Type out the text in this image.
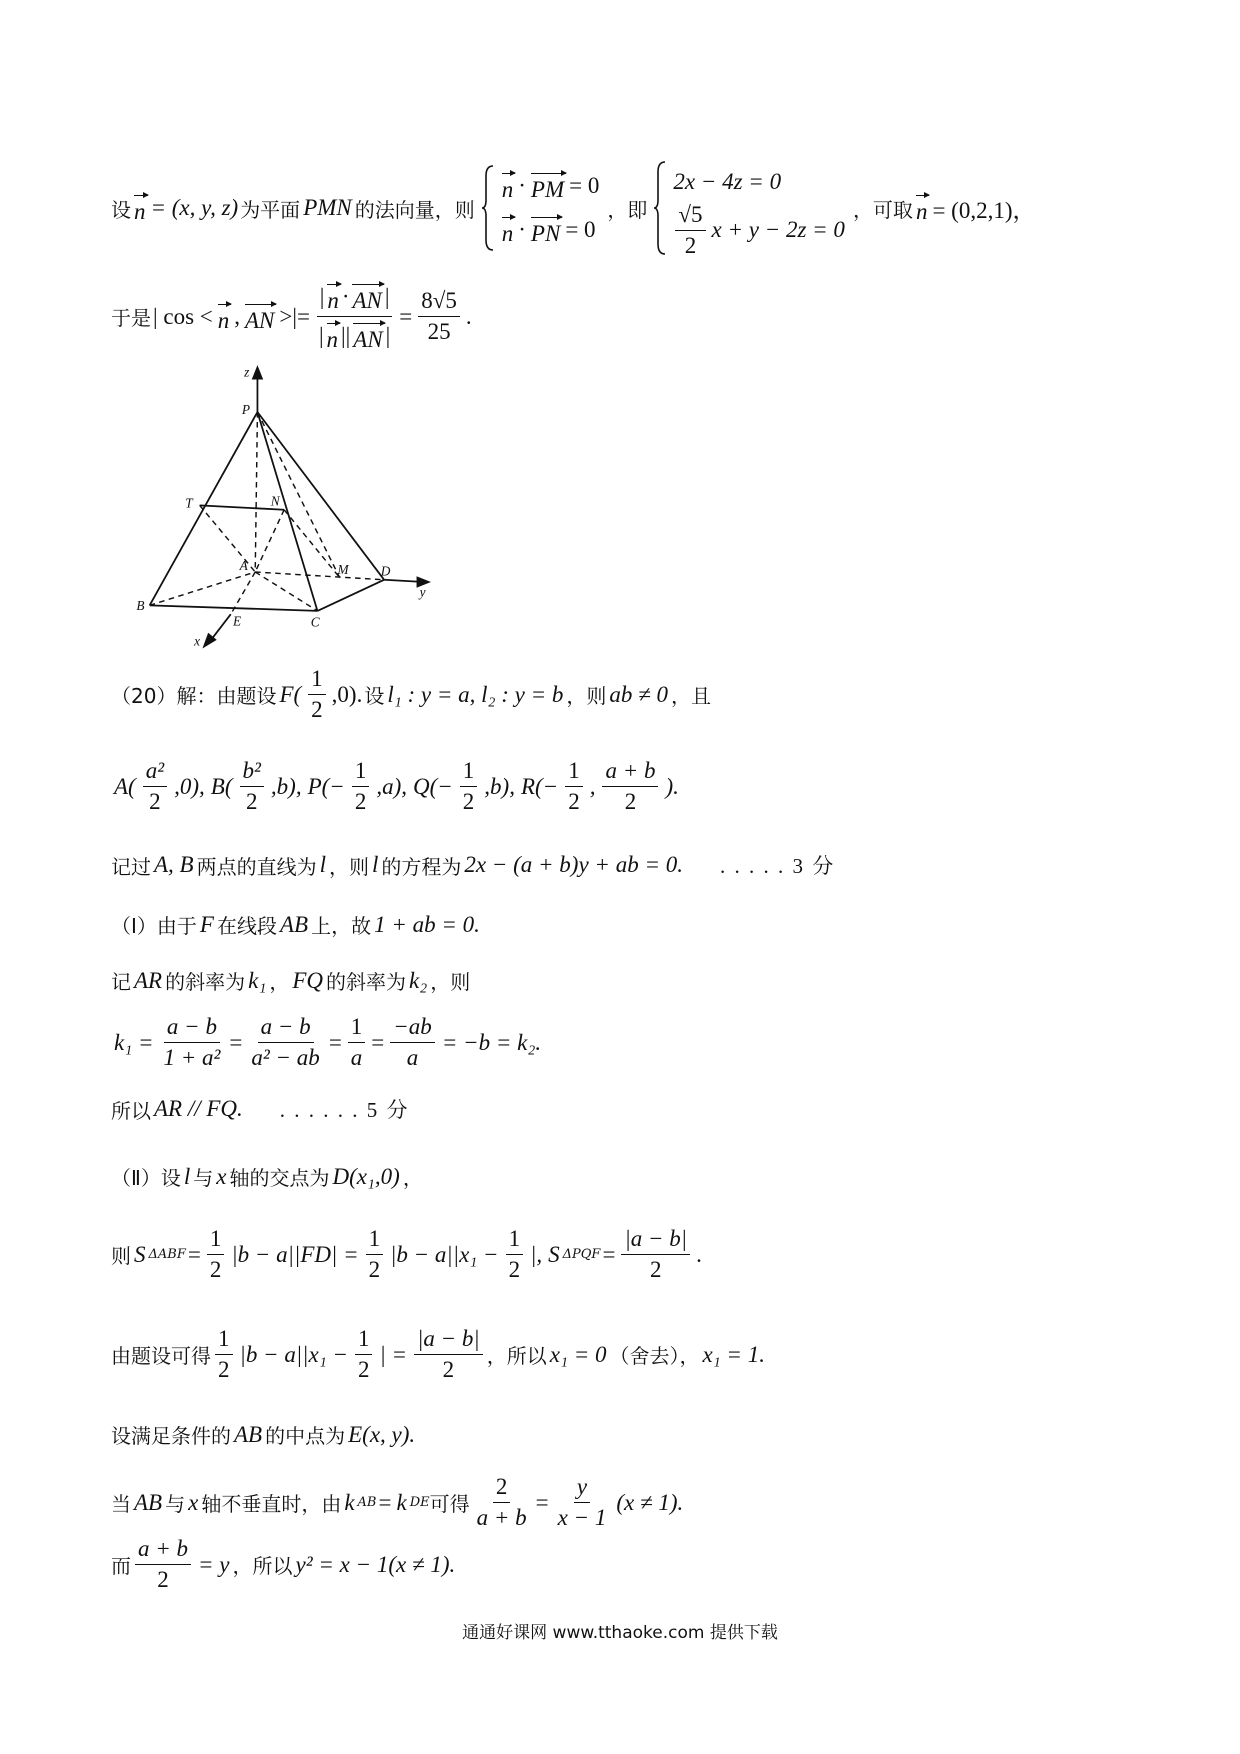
设 n = (x, y, z) 为平面 PMN 的法向量，则
n · PM = 0
n · PN = 0
，即
2x − 4z = 0
$\frac{√5}{2}$ x + y − 2z = 0
，可取 n = (0,2,1)，
于是 | cos < n , AN >|= $\frac{| n \cdot AN |}{| n || AN |} = \frac{8√5}{25}$ .
z
P
T	N
A	M	D
y
B
E	C
x
（20）解：由题设 $F( \frac{1}{2} ,0)$. 设 l₁ : y = a, l₂ : y = b ，则 ab ≠ 0 ，且
$A( \frac{\text{a²}}{2} ,0)$, $B( \frac{\text{b²}}{2} ,b)$, $P(- \frac{1}{2} ,a)$, $Q(- \frac{1}{2} ,b)$, $R(- \frac{1}{2}$ , $\frac{a + b}{2}$ ).
记过 A, B 两点的直线为 l ，则 l 的方程为 2x − (a + b)y + ab = 0. . . . . . 3 分
（Ⅰ）由于 F 在线段 AB 上，故 1 + ab = 0.
记 AR 的斜率为 k₁ ， FQ 的斜率为 k₂ ，则
$k_1 = \frac{a - b}{\text{1 + a²}} = \frac{a - b}{\text{a² − ab}} = \frac{1}{a} = \frac{-ab}{a} = -b = k_2$.
所以 AR // FQ. . . . . . . 5 分
（Ⅱ）设 l 与 x 轴的交点为 D(x₁,0) ，
则 S $\Delta ABF = \frac{1}{2} |b - a||FD| = \frac{1}{2} |b - a||x_1 - \frac{1}{2}$ |, S $\Delta PQF = \frac{|a - b|}{2}$ .
由题设可得 $\frac{1}{2} |b - a||x_1 - \frac{1}{2}$ | = $\frac{|a - b|}{2}$ ，所以 x₁ = 0 （舍去）， x₁ = 1.
设满足条件的 AB 的中点为 E(x, y).
当 AB 与 x 轴不垂直时，由 k AB = k DE 可得 $\frac{2}{a + b} = \frac{y}{x - 1} (x \ne 1)$.
而 $\frac{a + b}{2} = y$ ，所以 y² = x − 1(x ≠ 1).
通通好课网 www.tthaoke.com 提供下载
